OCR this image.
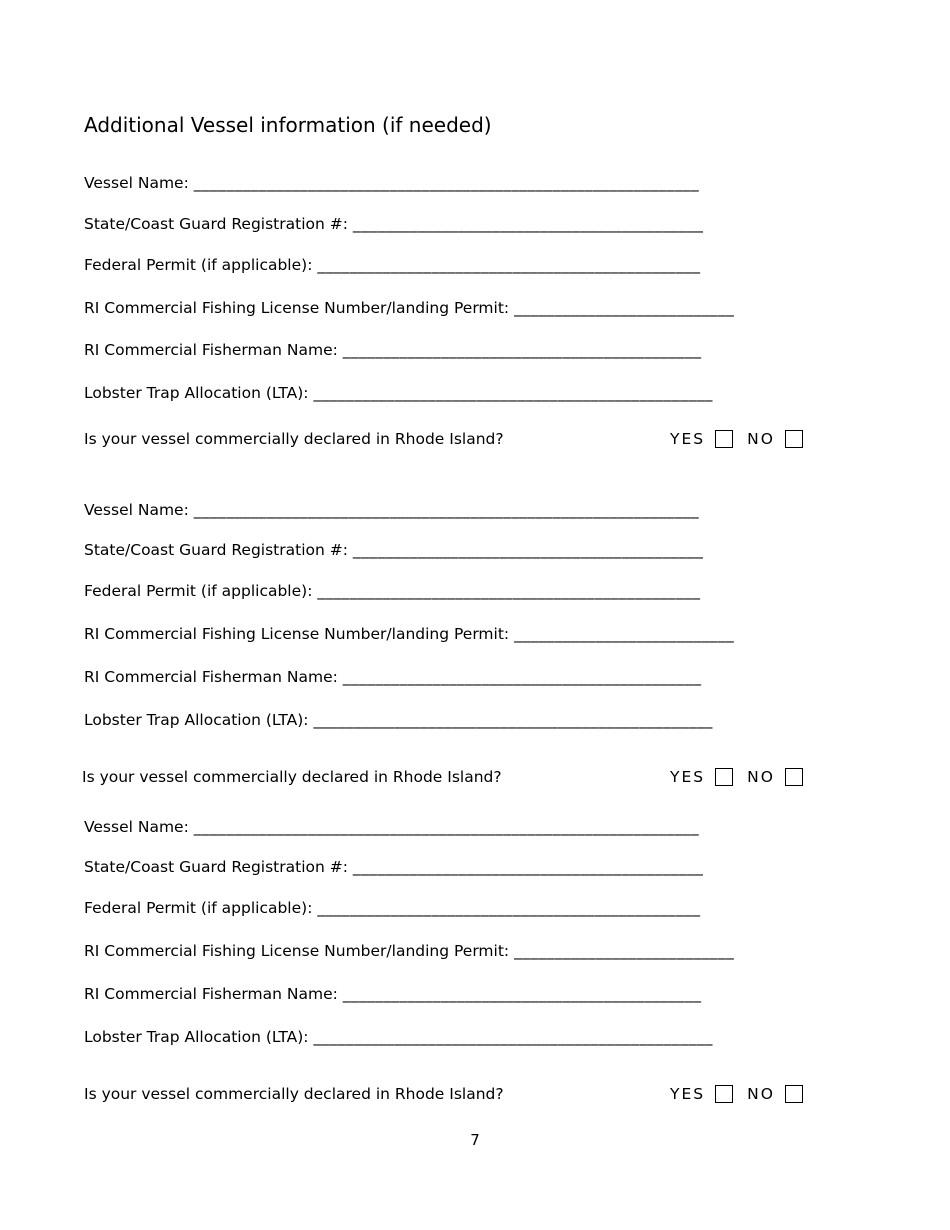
Additional Vessel information (if needed)
Vessel Name: ______________________________________________________________
State/Coast Guard Registration #: ___________________________________________
Federal Permit (if applicable): _______________________________________________
RI Commercial Fishing License Number/landing Permit: ___________________________
RI Commercial Fisherman Name: ____________________________________________
Lobster Trap Allocation (LTA): _________________________________________________
Is your vessel commercially declared in Rhode Island?	YES	NO
Vessel Name: ______________________________________________________________
State/Coast Guard Registration #: ___________________________________________
Federal Permit (if applicable): _______________________________________________
RI Commercial Fishing License Number/landing Permit: ___________________________
RI Commercial Fisherman Name: ____________________________________________
Lobster Trap Allocation (LTA): _________________________________________________
Is your vessel commercially declared in Rhode Island?	YES	NO
Vessel Name: ______________________________________________________________
State/Coast Guard Registration #: ___________________________________________
Federal Permit (if applicable): _______________________________________________
RI Commercial Fishing License Number/landing Permit: ___________________________
RI Commercial Fisherman Name: ____________________________________________
Lobster Trap Allocation (LTA): _________________________________________________
Is your vessel commercially declared in Rhode Island?	YES	NO
7
